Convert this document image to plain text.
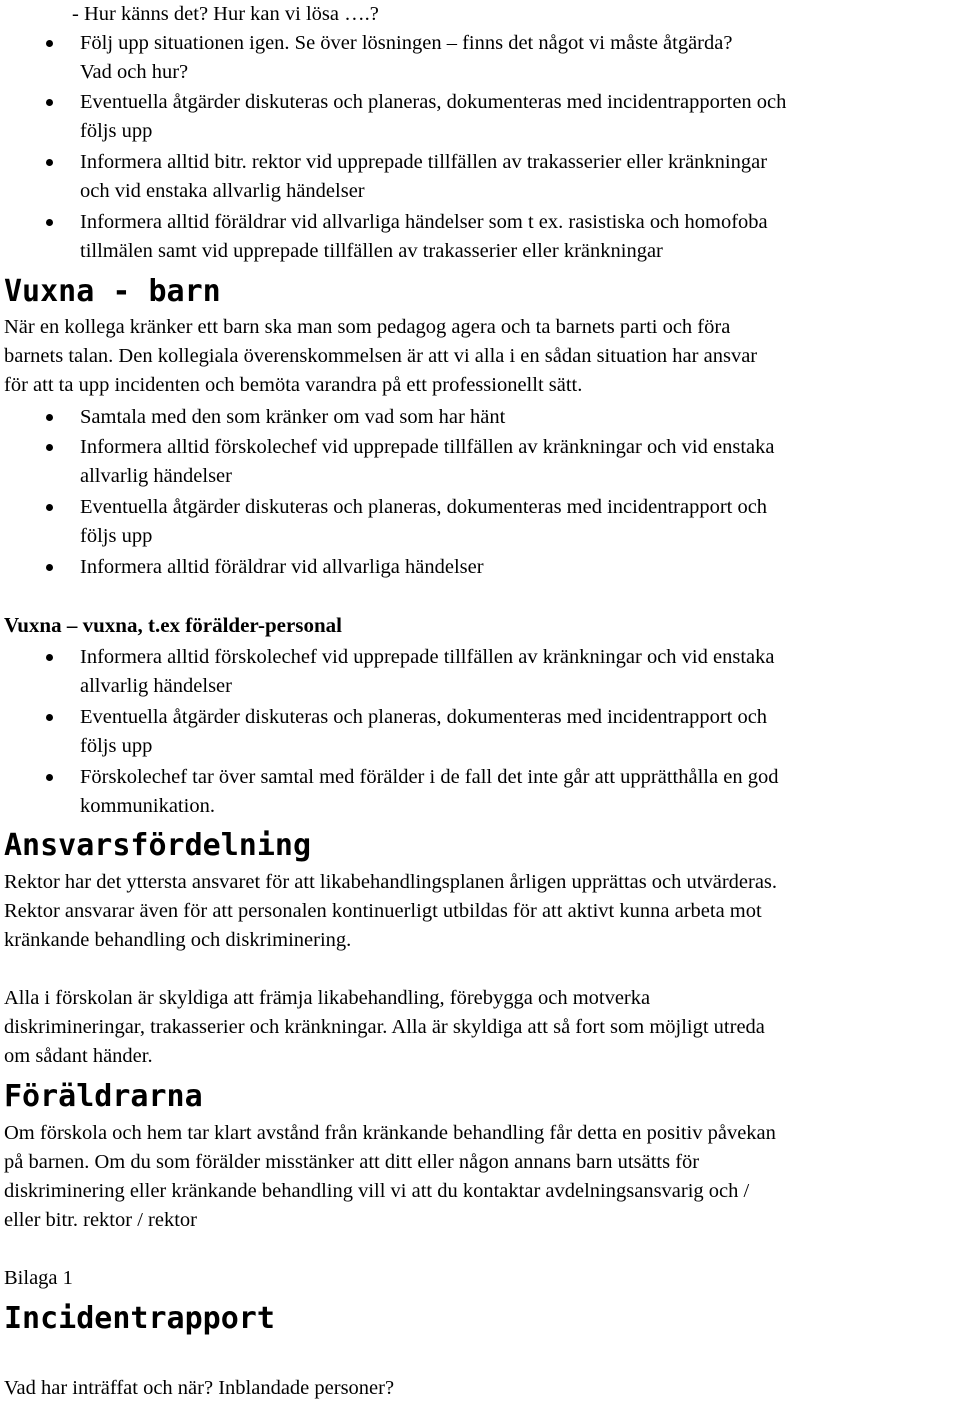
- Hur känns det? Hur kan vi lösa ….?
Följ upp situationen igen. Se över lösningen – finns det något vi måste åtgärda?
Vad och hur?
Eventuella åtgärder diskuteras och planeras, dokumenteras med incidentrapporten och
följs upp
Informera alltid bitr. rektor vid upprepade tillfällen av trakasserier eller kränkningar
och vid enstaka allvarlig händelser
Informera alltid föräldrar vid allvarliga händelser som t ex. rasistiska och homofoba
tillmälen samt vid upprepade tillfällen av trakasserier eller kränkningar
Vuxna - barn
När en kollega kränker ett barn ska man som pedagog agera och ta barnets parti och föra
barnets talan. Den kollegiala överenskommelsen är att vi alla i en sådan situation har ansvar
för att ta upp incidenten och bemöta varandra på ett professionellt sätt.
Samtala med den som kränker om vad som har hänt
Informera alltid förskolechef vid upprepade tillfällen av kränkningar och vid enstaka
allvarlig händelser
Eventuella åtgärder diskuteras och planeras, dokumenteras med incidentrapport och
följs upp
Informera alltid föräldrar vid allvarliga händelser
Vuxna – vuxna, t.ex förälder-personal
Informera alltid förskolechef vid upprepade tillfällen av kränkningar och vid enstaka
allvarlig händelser
Eventuella åtgärder diskuteras och planeras, dokumenteras med incidentrapport och
följs upp
Förskolechef tar över samtal med förälder i de fall det inte går att upprätthålla en god
kommunikation.
Ansvarsfördelning
Rektor har det yttersta ansvaret för att likabehandlingsplanen årligen upprättas och utvärderas.
Rektor ansvarar även för att personalen kontinuerligt utbildas för att aktivt kunna arbeta mot
kränkande behandling och diskriminering.
Alla i förskolan är skyldiga att främja likabehandling, förebygga och motverka
diskrimineringar, trakasserier och kränkningar. Alla är skyldiga att så fort som möjligt utreda
om sådant händer.
Föräldrarna
Om förskola och hem tar klart avstånd från kränkande behandling får detta en positiv påvekan
på barnen. Om du som förälder misstänker att ditt eller någon annans barn utsätts för
diskriminering eller kränkande behandling vill vi att du kontaktar avdelningsansvarig och /
eller bitr. rektor / rektor
Bilaga 1
Incidentrapport
Vad har inträffat och när? Inblandade personer?
